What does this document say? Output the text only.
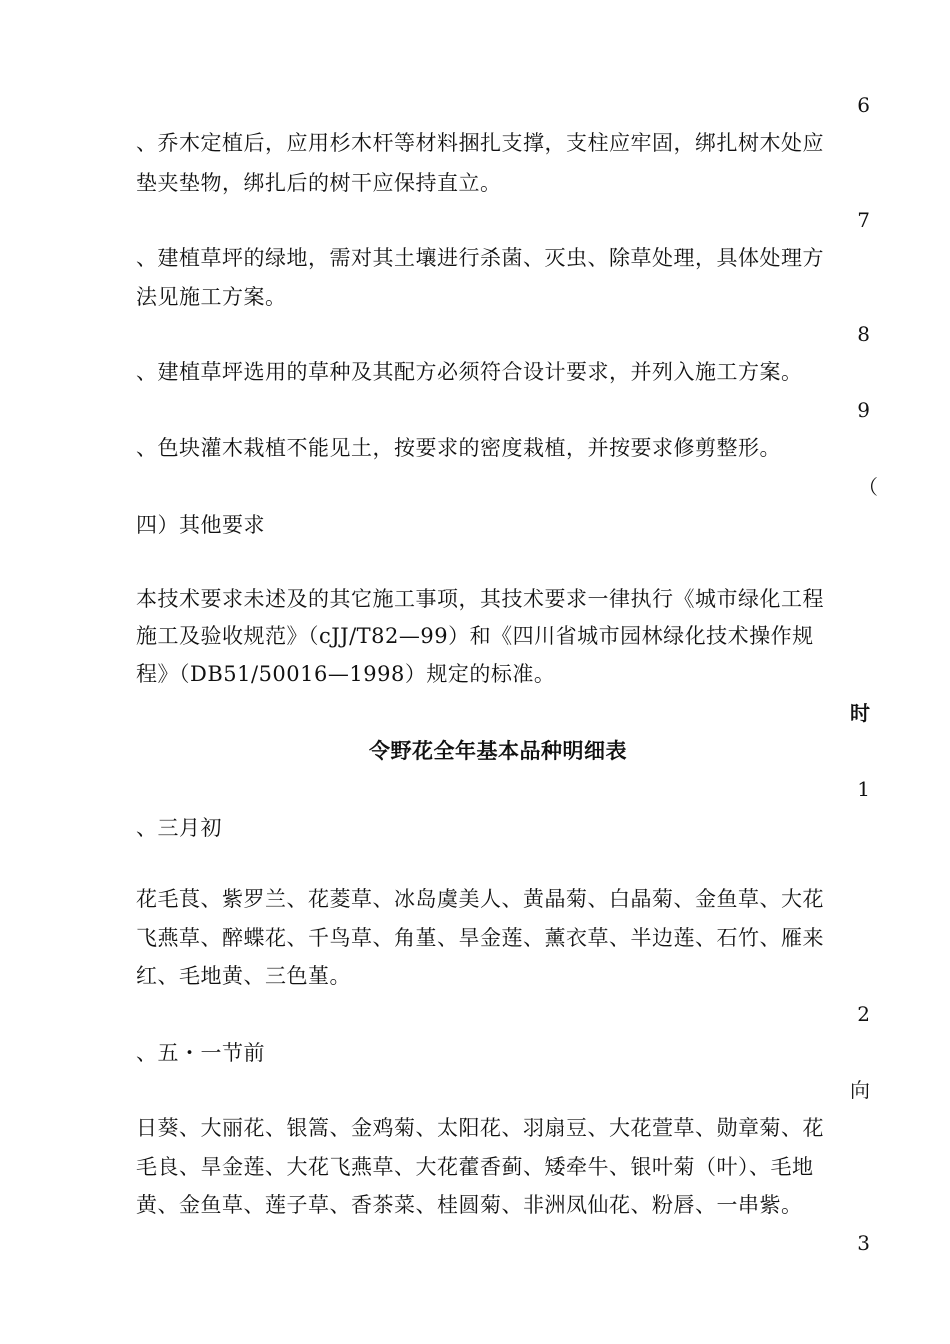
6
、乔木定植后，应用杉木杆等材料捆扎支撑，支柱应牢固，绑扎树木处应
垫夹垫物，绑扎后的树干应保持直立。
7
、建植草坪的绿地，需对其土壤进行杀菌、灭虫、除草处理，具体处理方
法见施工方案。
8
、建植草坪选用的草种及其配方必须符合设计要求，并列入施工方案。
9
、色块灌木栽植不能见土，按要求的密度栽植，并按要求修剪整形。
（
四）其他要求
本技术要求未述及的其它施工事项，其技术要求一律执行《城市绿化工程
施工及验收规范》（cJJ/T82—99）和《四川省城市园林绿化技术操作规
程》（DB51/50016—1998）规定的标准。
时
令野花全年基本品种明细表
1
、三月初
花毛茛、紫罗兰、花菱草、冰岛虞美人、黄晶菊、白晶菊、金鱼草、大花
飞燕草、醉蝶花、千鸟草、角堇、旱金莲、薰衣草、半边莲、石竹、雁来
红、毛地黄、三色堇。
2
、五・一节前
向
日葵、大丽花、银篙、金鸡菊、太阳花、羽扇豆、大花萱草、勋章菊、花
毛良、旱金莲、大花飞燕草、大花藿香蓟、矮牵牛、银叶菊（叶）、毛地
黄、金鱼草、莲子草、香茶菜、桂圆菊、非洲凤仙花、粉唇、一串紫。
3
